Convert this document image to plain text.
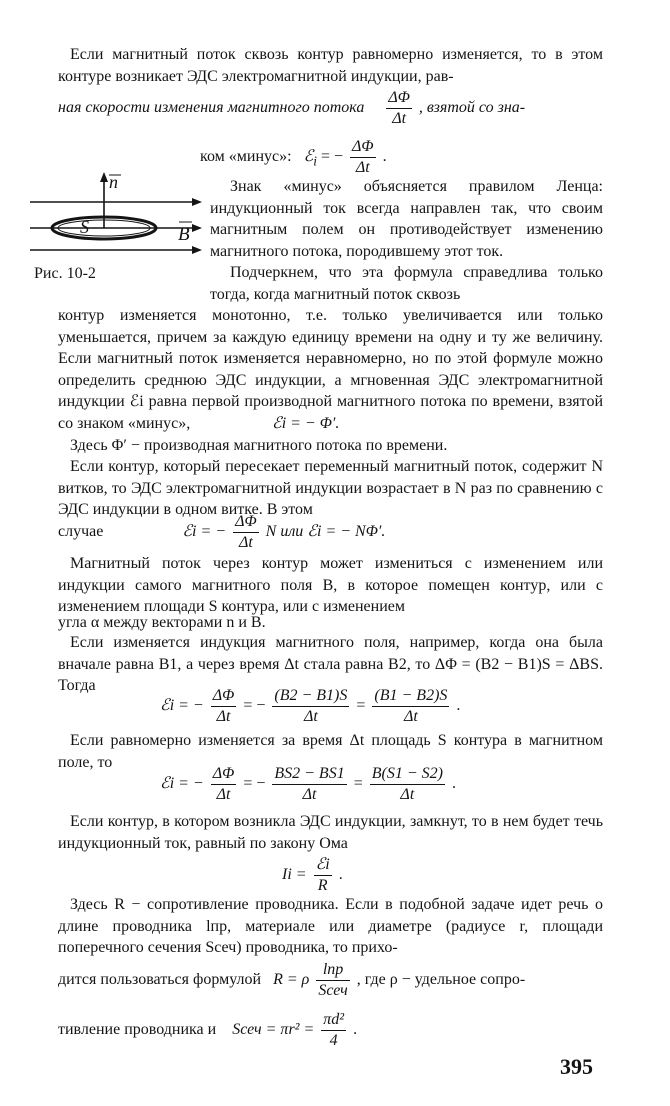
Если магнитный поток сквозь контур равномерно изменяется, то в этом контуре возникает ЭДС электромагнитной индукции, рав-

ная скорости изменения магнитного потока $\frac{\Delta\Phi}{\Delta t}$ , взятой со зна-
ком «минус»: ℰ$_i$ = − $\frac{\Delta\Phi}{\Delta t}$ .
n
S	B
Рис. 10-2

Знак «минус» объясняется правилом Ленца: индукционный ток всегда направлен так, что своим магнитным полем он противодействует изменению магнитного потока, породившему этот ток.

Подчеркнем, что эта формула справедлива только тогда, когда магнитный поток сквозь

контур изменяется монотонно, т.е. только увеличивается или только уменьшается, причем за каждую единицу времени на одну и ту же величину. Если магнитный поток изменяется неравномерно, но по этой формуле можно определить среднюю ЭДС индукции, а мгновенная ЭДС электромагнитной индукции ℰi равна первой производной магнитного потока по времени, взятой со знаком «минус»,	ℰi = − Φ′.

Здесь Φ′ − производная магнитного потока по времени.

Если контур, который пересекает переменный магнитный поток, содержит N витков, то ЭДС электромагнитной индукции возрастает в N раз по сравнению с ЭДС индукции в одном витке. В этом

случае	ℰi = − $\frac{\Delta\Phi}{\Delta t}$ N или ℰi = − NΦ′.

Магнитный поток через контур может измениться с изменением или индукции самого магнитного поля B, в которое помещен контур, или с изменением площади S контура, или с изменением

угла α между векторами n и B.

Если изменяется индукция магнитного поля, например, когда она была вначале равна B1, а через время Δt стала равна B2, то ΔΦ = (B2 − B1)S = ΔBS. Тогда

ℰi = − $\frac{\Delta\Phi}{\Delta t}$ = − $\frac{(B2 - B1)S}{\Delta t} = \frac{(B1 - B2)S}{\Delta t}$ .

Если равномерно изменяется за время Δt площадь S контура в магнитном поле, то

ℰi = − $\frac{\Delta\Phi}{\Delta t}$ = − $\frac{BS2 - BS1}{\Delta t} = \frac{B(S1 - S2)}{\Delta t}$ .

Если контур, в котором возникла ЭДС индукции, замкнут, то в нем будет течь индукционный ток, равный по закону Ома

$Ii = \frac{\text{ℰi}}{R}$ .

Здесь R − сопротивление проводника. Если в подобной задаче идет речь о длине проводника lпр, материале или диаметре (радиусе r, площади поперечного сечения Sсеч) проводника, то прихо-

дится пользоваться формулой R = ρ $\frac{\text{lпр}}{\text{Sсеч}}$ , где ρ − удельное сопро-
тивление проводника и Sсеч = $\pi r^2 = \frac{\text{πd²}}{4}$ .
395
